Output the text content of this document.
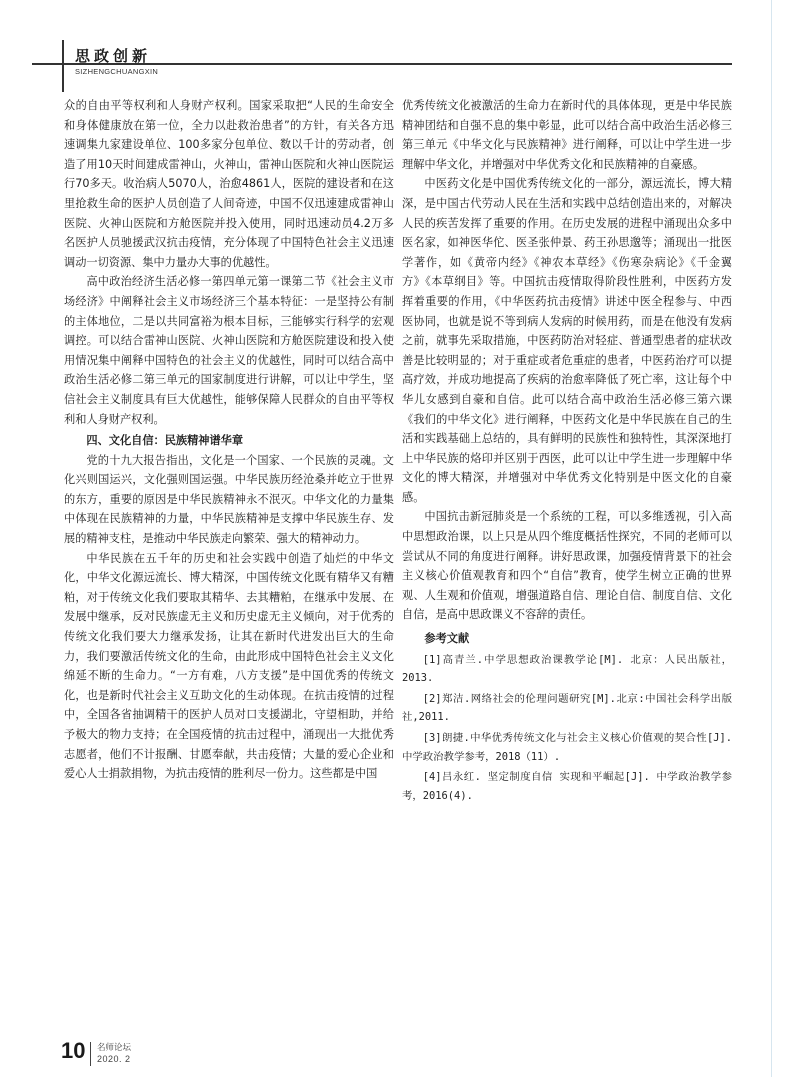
思政创新
SIZHENGCHUANGXIN

众的自由平等权利和人身财产权利。国家采取把“人民的生命安全和身体健康放在第一位，全力以赴救治患者”的方针，有关各方迅速调集九家建设单位、100多家分包单位、数以千计的劳动者，创造了用10天时间建成雷神山，火神山，雷神山医院和火神山医院运行70多天。收治病人5070人，治愈4861人，医院的建设者和在这里抢救生命的医护人员创造了人间奇迹，中国不仅迅速建成雷神山医院、火神山医院和方舱医院并投入使用，同时迅速动员4.2万多名医护人员驰援武汉抗击疫情，充分体现了中国特色社会主义迅速调动一切资源、集中力量办大事的优越性。

高中政治经济生活必修一第四单元第一课第二节《社会主义市场经济》中阐释社会主义市场经济三个基本特征：一是坚持公有制的主体地位，二是以共同富裕为根本目标，三能够实行科学的宏观调控。可以结合雷神山医院、火神山医院和方舱医院建设和投入使用情况集中阐释中国特色的社会主义的优越性，同时可以结合高中政治生活必修二第三单元的国家制度进行讲解，可以让中学生，坚信社会主义制度具有巨大优越性，能够保障人民群众的自由平等权利和人身财产权利。

四、文化自信：民族精神谱华章

党的十九大报告指出，文化是一个国家、一个民族的灵魂。文化兴则国运兴，文化强则国运强。中华民族历经沧桑并屹立于世界的东方，重要的原因是中华民族精神永不泯灭。中华文化的力量集中体现在民族精神的力量，中华民族精神是支撑中华民族生存、发展的精神支柱，是推动中华民族走向繁荣、强大的精神动力。

中华民族在五千年的历史和社会实践中创造了灿烂的中华文化，中华文化源远流长、博大精深，中国传统文化既有精华又有糟粕，对于传统文化我们要取其精华、去其糟粕，在继承中发展、在发展中继承，反对民族虚无主义和历史虚无主义倾向，对于优秀的传统文化我们要大力继承发扬，让其在新时代进发出巨大的生命力，我们要激活传统文化的生命，由此形成中国特色社会主义文化绵延不断的生命力。“一方有难，八方支援”是中国优秀的传统文化，也是新时代社会主义互助文化的生动体现。在抗击疫情的过程中，全国各省抽调精干的医护人员对口支援湖北，守望相助，并给予极大的物力支持；在全国疫情的抗击过程中，涌现出一大批优秀志愿者，他们不计报酬、甘愿奉献，共击疫情；大量的爱心企业和爱心人士捐款捐物，为抗击疫情的胜利尽一份力。这些都是中国

优秀传统文化被激活的生命力在新时代的具体体现，更是中华民族精神团结和自强不息的集中彰显，此可以结合高中政治生活必修三第三单元《中华文化与民族精神》进行阐释，可以让中学生进一步理解中华文化，并增强对中华优秀文化和民族精神的自豪感。

中医药文化是中国优秀传统文化的一部分，源远流长，博大精深，是中国古代劳动人民在生活和实践中总结创造出来的，对解决人民的疾苦发挥了重要的作用。在历史发展的进程中涌现出众多中医名家，如神医华佗、医圣张仲景、药王孙思邈等；涌现出一批医学著作，如《黄帝内经》《神农本草经》《伤寒杂病论》《千金翼方》《本草纲目》等。中国抗击疫情取得阶段性胜利，中医药方发挥着重要的作用，《中华医药抗击疫情》讲述中医全程参与、中西医协同，也就是说不等到病人发病的时候用药，而是在他没有发病之前，就事先采取措施，中医药防治对轻症、普通型患者的症状改善是比较明显的；对于重症或者危重症的患者，中医药治疗可以提高疗效，并成功地提高了疾病的治愈率降低了死亡率，这让每个中华儿女感到自豪和自信。此可以结合高中政治生活必修三第六课《我们的中华文化》进行阐释，中医药文化是中华民族在自己的生活和实践基础上总结的，具有鲜明的民族性和独特性，其深深地打上中华民族的烙印并区别于西医，此可以让中学生进一步理解中华文化的博大精深，并增强对中华优秀文化特别是中医文化的自豪感。

中国抗击新冠肺炎是一个系统的工程，可以多维透视，引入高中思想政治课，以上只是从四个维度概括性探究，不同的老师可以尝试从不同的角度进行阐释。讲好思政课，加强疫情背景下的社会主义核心价值观教育和四个“自信”教育，使学生树立正确的世界观、人生观和价值观，增强道路自信、理论自信、制度自信、文化自信，是高中思政课义不容辞的责任。

参考文献

[1]高青兰.中学思想政治课教学论[M]. 北京：人民出版社，2013.

[2]郑洁.网络社会的伦理问题研究[M].北京:中国社会科学出版社,2011.

[3]朗捷.中华优秀传统文化与社会主义核心价值观的契合性[J].中学政治教学参考，2018（11）.

[4]吕永红. 坚定制度自信 实现和平崛起[J]. 中学政治教学参考，2016(4).

10 名师论坛
2020. 2
